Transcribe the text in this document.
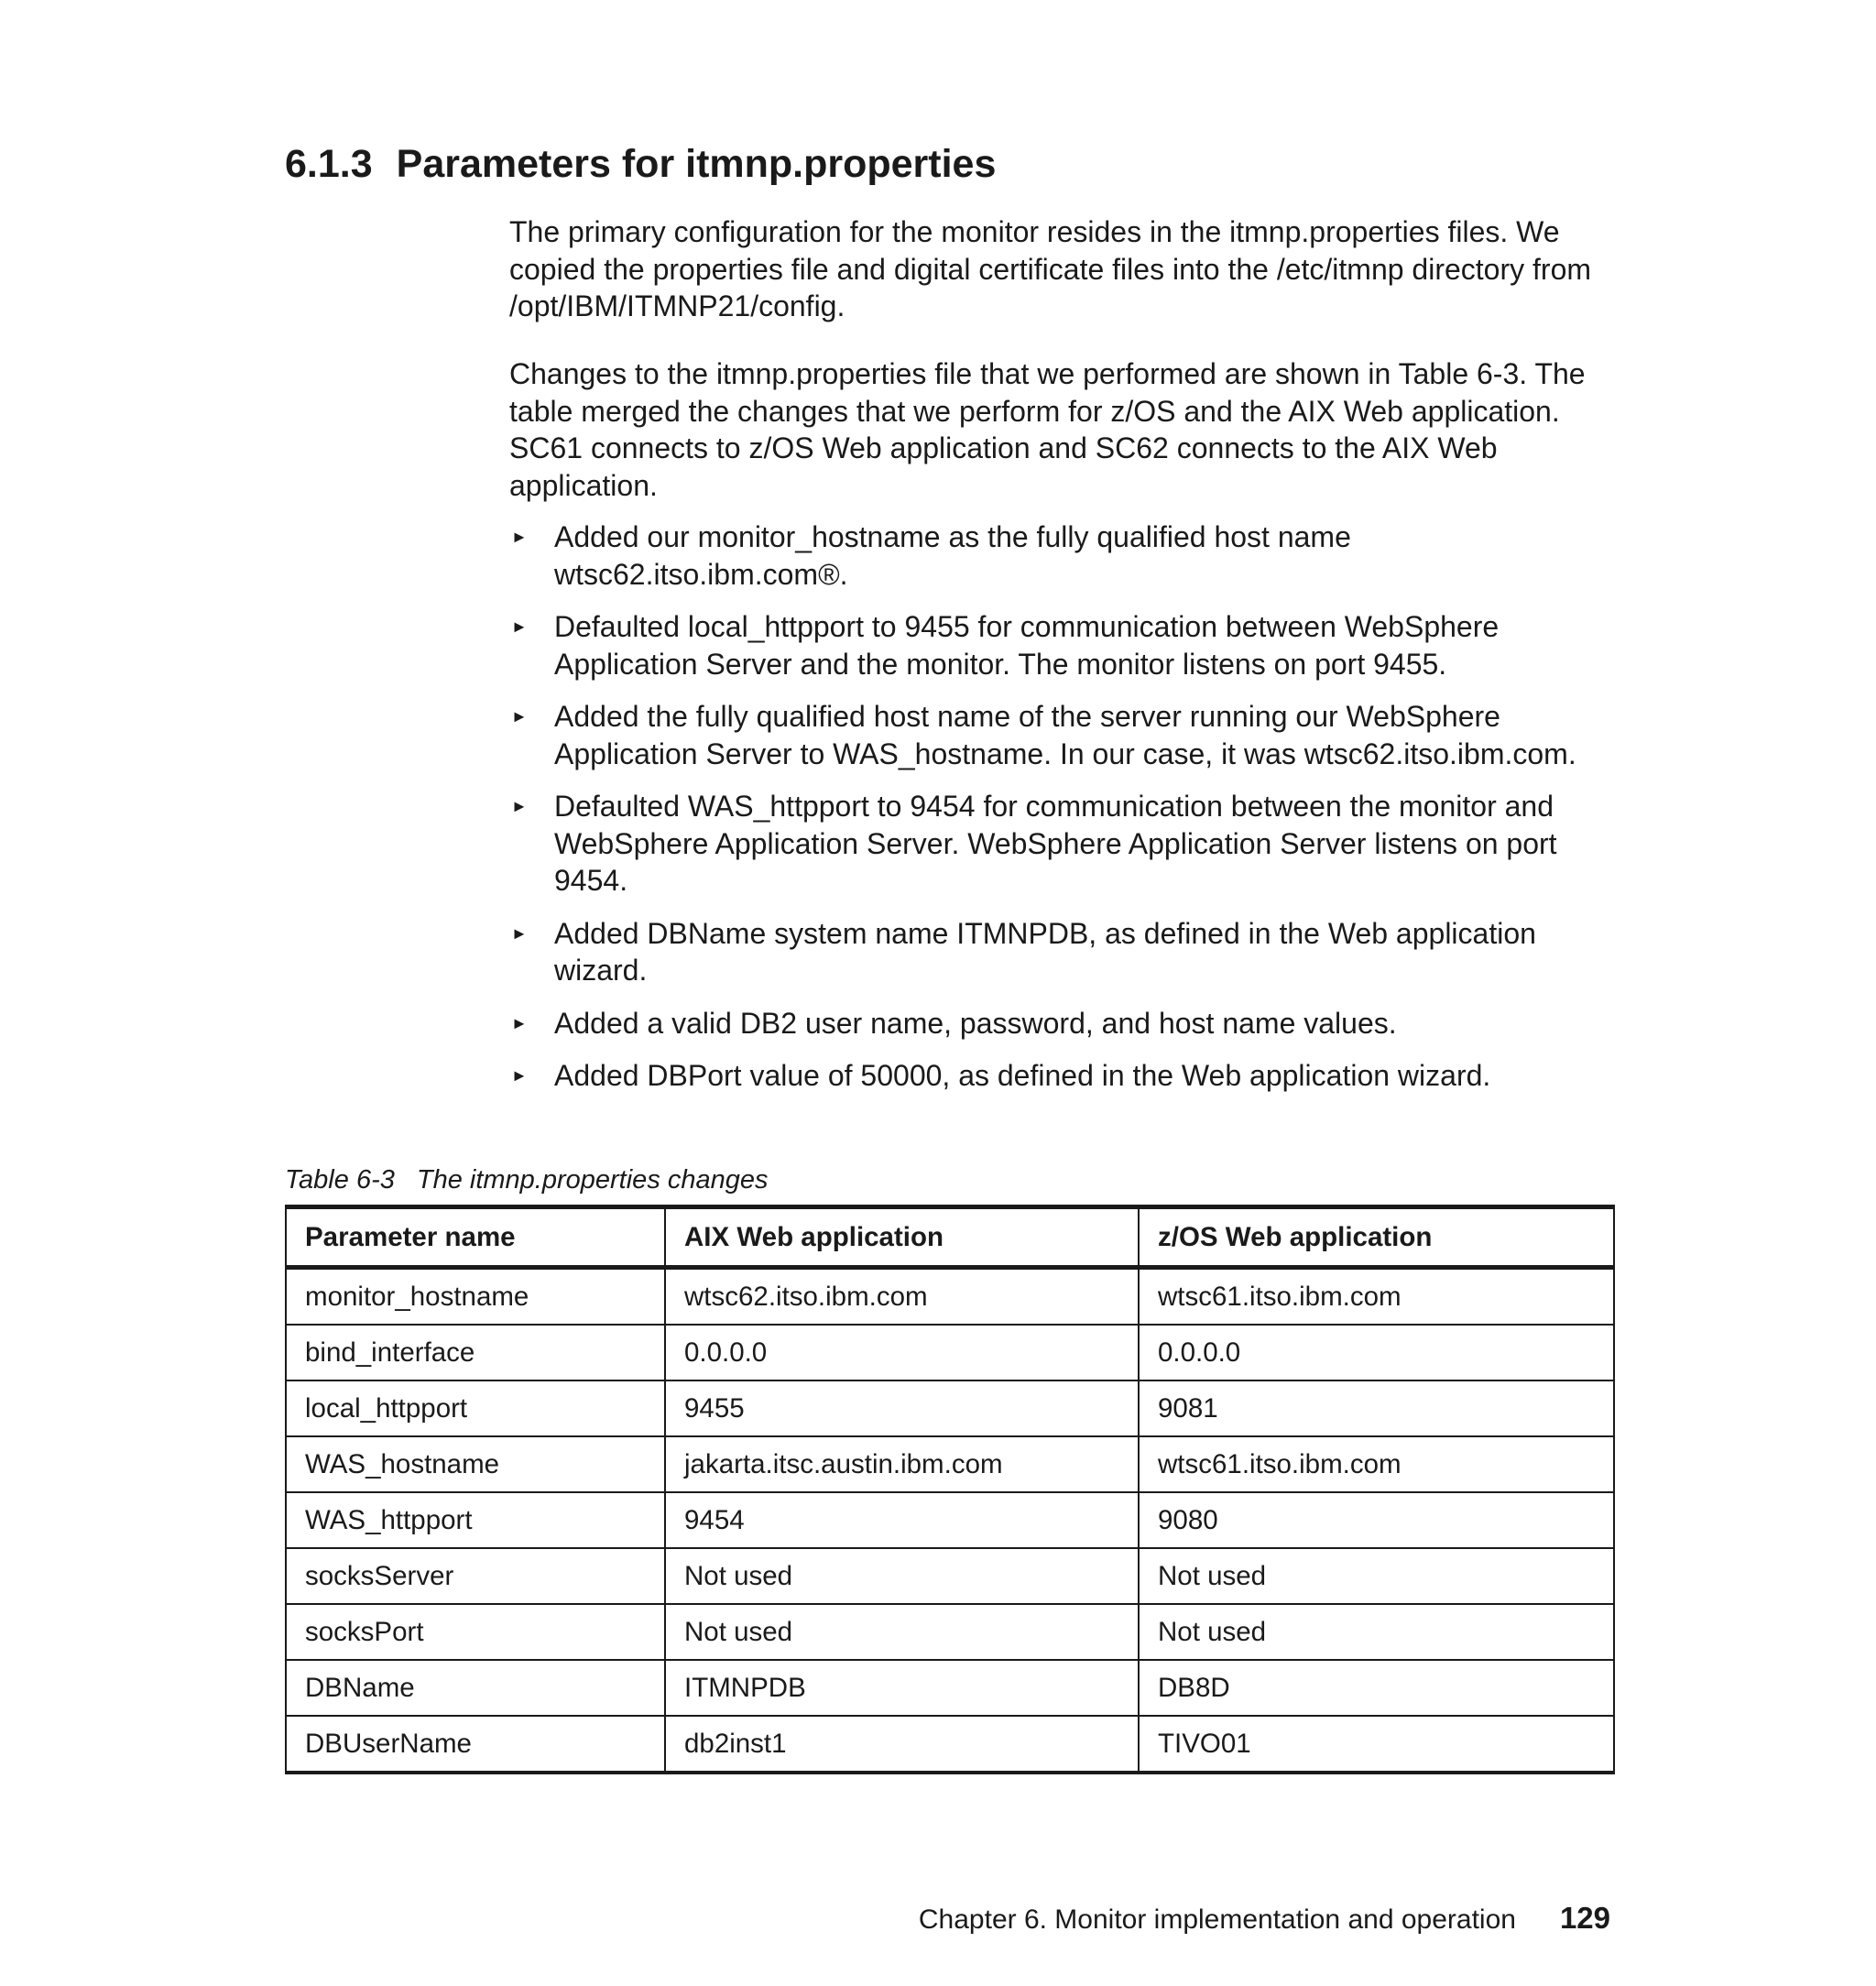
6.1.3 Parameters for itmnp.properties

The primary configuration for the monitor resides in the itmnp.properties files. We copied the properties file and digital certificate files into the /etc/itmnp directory from /opt/IBM/ITMNP21/config.

Changes to the itmnp.properties file that we performed are shown in Table 6-3. The table merged the changes that we perform for z/OS and the AIX Web application. SC61 connects to z/OS Web application and SC62 connects to the AIX Web application.

► Added our monitor_hostname as the fully qualified host name wtsc62.itso.ibm.com®.
► Defaulted local_httpport to 9455 for communication between WebSphere Application Server and the monitor. The monitor listens on port 9455.
► Added the fully qualified host name of the server running our WebSphere Application Server to WAS_hostname. In our case, it was wtsc62.itso.ibm.com.
► Defaulted WAS_httpport to 9454 for communication between the monitor and WebSphere Application Server. WebSphere Application Server listens on port 9454.
► Added DBName system name ITMNPDB, as defined in the Web application wizard.
► Added a valid DB2 user name, password, and host name values.
► Added DBPort value of 50000, as defined in the Web application wizard.

Table 6-3 The itmnp.properties changes

Parameter name	AIX Web application	z/OS Web application
monitor_hostname	wtsc62.itso.ibm.com	wtsc61.itso.ibm.com
bind_interface	0.0.0.0	0.0.0.0
local_httpport	9455	9081
WAS_hostname	jakarta.itsc.austin.ibm.com	wtsc61.itso.ibm.com
WAS_httpport	9454	9080
socksServer	Not used	Not used
socksPort	Not used	Not used
DBName	ITMNPDB	DB8D
DBUserName	db2inst1	TIVO01
Chapter 6. Monitor implementation and operation 129
